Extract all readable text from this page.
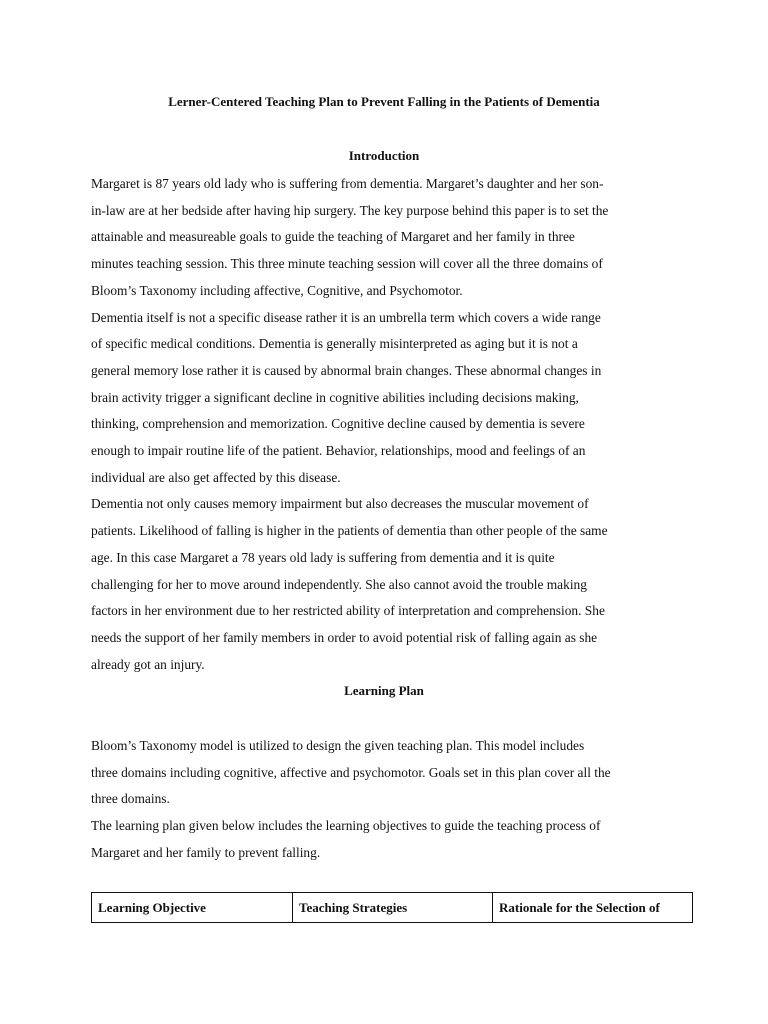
Lerner-Centered Teaching Plan to Prevent Falling in the Patients of Dementia
Introduction

Margaret is 87 years old lady who is suffering from dementia. Margaret’s daughter and her son-
in-law are at her bedside after having hip surgery. The key purpose behind this paper is to set the
attainable and measureable goals to guide the teaching of Margaret and her family in three
minutes teaching session. This three minute teaching session will cover all the three domains of
Bloom’s Taxonomy including affective, Cognitive, and Psychomotor.

Dementia itself is not a specific disease rather it is an umbrella term which covers a wide range
of specific medical conditions. Dementia is generally misinterpreted as aging but it is not a
general memory lose rather it is caused by abnormal brain changes. These abnormal changes in
brain activity trigger a significant decline in cognitive abilities including decisions making,
thinking, comprehension and memorization. Cognitive decline caused by dementia is severe
enough to impair routine life of the patient. Behavior, relationships, mood and feelings of an
individual are also get affected by this disease.

Dementia not only causes memory impairment but also decreases the muscular movement of
patients. Likelihood of falling is higher in the patients of dementia than other people of the same
age. In this case Margaret a 78 years old lady is suffering from dementia and it is quite
challenging for her to move around independently. She also cannot avoid the trouble making
factors in her environment due to her restricted ability of interpretation and comprehension. She
needs the support of her family members in order to avoid potential risk of falling again as she
already got an injury.

Learning Plan

Bloom’s Taxonomy model is utilized to design the given teaching plan. This model includes
three domains including cognitive, affective and psychomotor. Goals set in this plan cover all the
three domains.

The learning plan given below includes the learning objectives to guide the teaching process of
Margaret and her family to prevent falling.

Learning Objective	Teaching Strategies	Rationale for the Selection of
